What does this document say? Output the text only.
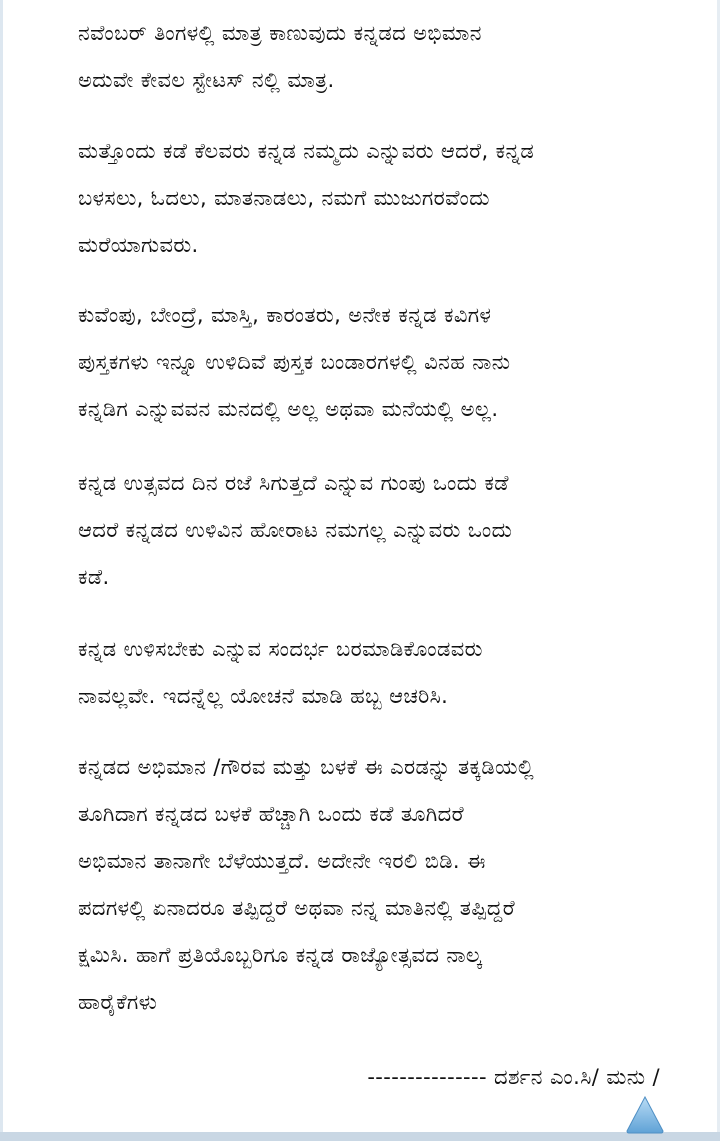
ನವೆಂಬರ್ ತಿಂಗಳಲ್ಲಿ ಮಾತ್ರ ಕಾಣುವುದು ಕನ್ನಡದ ಅಭಿಮಾನ
ಅದುವೇ ಕೇವಲ ಸ್ಟೇಟಸ್ ನಲ್ಲಿ ಮಾತ್ರ.
ಮತ್ತೊಂದು ಕಡೆ ಕೆಲವರು ಕನ್ನಡ ನಮ್ಮದು ಎನ್ನುವರು ಆದರೆ, ಕನ್ನಡ
ಬಳಸಲು, ಓದಲು, ಮಾತನಾಡಲು, ನಮಗೆ ಮುಜುಗರವೆಂದು
ಮರೆಯಾಗುವರು.
ಕುವೆಂಪು, ಬೇಂದ್ರೆ, ಮಾಸ್ತಿ, ಕಾರಂತರು, ಅನೇಕ ಕನ್ನಡ ಕವಿಗಳ
ಪುಸ್ತಕಗಳು ಇನ್ನೂ ಉಳಿದಿವೆ ಪುಸ್ತಕ ಬಂಡಾರಗಳಲ್ಲಿ ವಿನಹ ನಾನು
ಕನ್ನಡಿಗ ಎನ್ನುವವನ ಮನದಲ್ಲಿ ಅಲ್ಲ ಅಥವಾ ಮನೆಯಲ್ಲಿ ಅಲ್ಲ.
ಕನ್ನಡ ಉತ್ಸವದ ದಿನ ರಜೆ ಸಿಗುತ್ತದೆ ಎನ್ನುವ ಗುಂಪು ಒಂದು ಕಡೆ
ಆದರೆ ಕನ್ನಡದ ಉಳಿವಿನ ಹೋರಾಟ ನಮಗಲ್ಲ ಎನ್ನುವರು ಒಂದು
ಕಡೆ.
ಕನ್ನಡ ಉಳಿಸಬೇಕು ಎನ್ನುವ ಸಂದರ್ಭ ಬರಮಾಡಿಕೊಂಡವರು
ನಾವಲ್ಲವೇ. ಇದನ್ನೆಲ್ಲ ಯೋಚನೆ ಮಾಡಿ ಹಬ್ಬ ಆಚರಿಸಿ.
ಕನ್ನಡದ ಅಭಿಮಾನ /ಗೌರವ ಮತ್ತು ಬಳಕೆ ಈ ಎರಡನ್ನು ತಕ್ಕಡಿಯಲ್ಲಿ
ತೂಗಿದಾಗ ಕನ್ನಡದ ಬಳಕೆ ಹೆಚ್ಚಾಗಿ ಒಂದು ಕಡೆ ತೂಗಿದರೆ
ಅಭಿಮಾನ ತಾನಾಗೇ ಬೆಳೆಯುತ್ತದೆ. ಅದೇನೇ ಇರಲಿ ಬಿಡಿ. ಈ
ಪದಗಳಲ್ಲಿ ಏನಾದರೂ ತಪ್ಪಿದ್ದರೆ ಅಥವಾ ನನ್ನ ಮಾತಿನಲ್ಲಿ ತಪ್ಪಿದ್ದರೆ
ಕ್ಷಮಿಸಿ. ಹಾಗೆ ಪ್ರತಿಯೊಬ್ಬರಿಗೂ ಕನ್ನಡ ರಾಜ್ಯೋತ್ಸವದ ನಾಲ್ಕ
ಹಾರೈಕೆಗಳು
--------------- ದರ್ಶನ ಎಂ.ಸಿ/ ಮನು /
